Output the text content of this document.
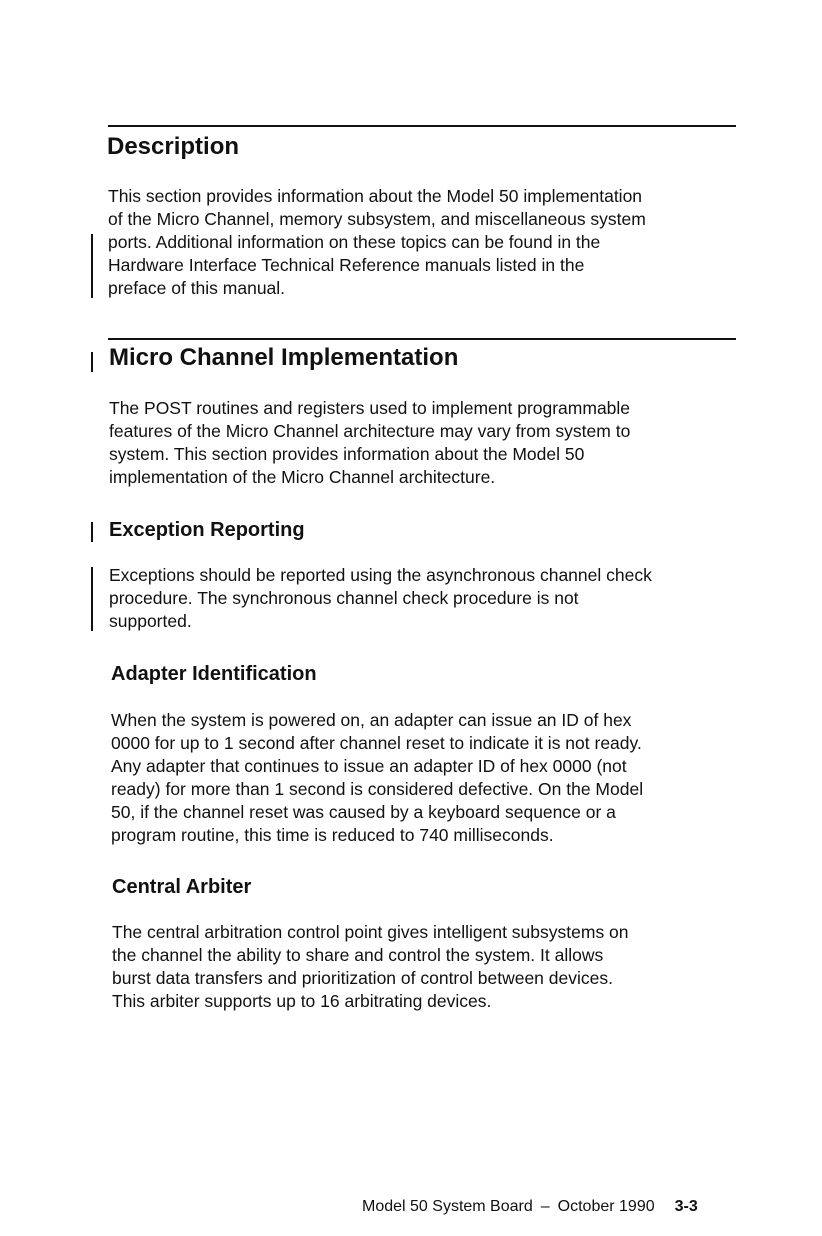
Description
This section provides information about the Model 50 implementation
of the Micro Channel, memory subsystem, and miscellaneous system
ports. Additional information on these topics can be found in the
Hardware Interface Technical Reference manuals listed in the
preface of this manual.
Micro Channel Implementation
The POST routines and registers used to implement programmable
features of the Micro Channel architecture may vary from system to
system. This section provides information about the Model 50
implementation of the Micro Channel architecture.
Exception Reporting
Exceptions should be reported using the asynchronous channel check
procedure. The synchronous channel check procedure is not
supported.
Adapter Identification
When the system is powered on, an adapter can issue an ID of hex
0000 for up to 1 second after channel reset to indicate it is not ready.
Any adapter that continues to issue an adapter ID of hex 0000 (not
ready) for more than 1 second is considered defective. On the Model
50, if the channel reset was caused by a keyboard sequence or a
program routine, this time is reduced to 740 milliseconds.
Central Arbiter
The central arbitration control point gives intelligent subsystems on
the channel the ability to share and control the system. It allows
burst data transfers and prioritization of control between devices.
This arbiter supports up to 16 arbitrating devices.
Model 50 System Board – October 1990 3-3
